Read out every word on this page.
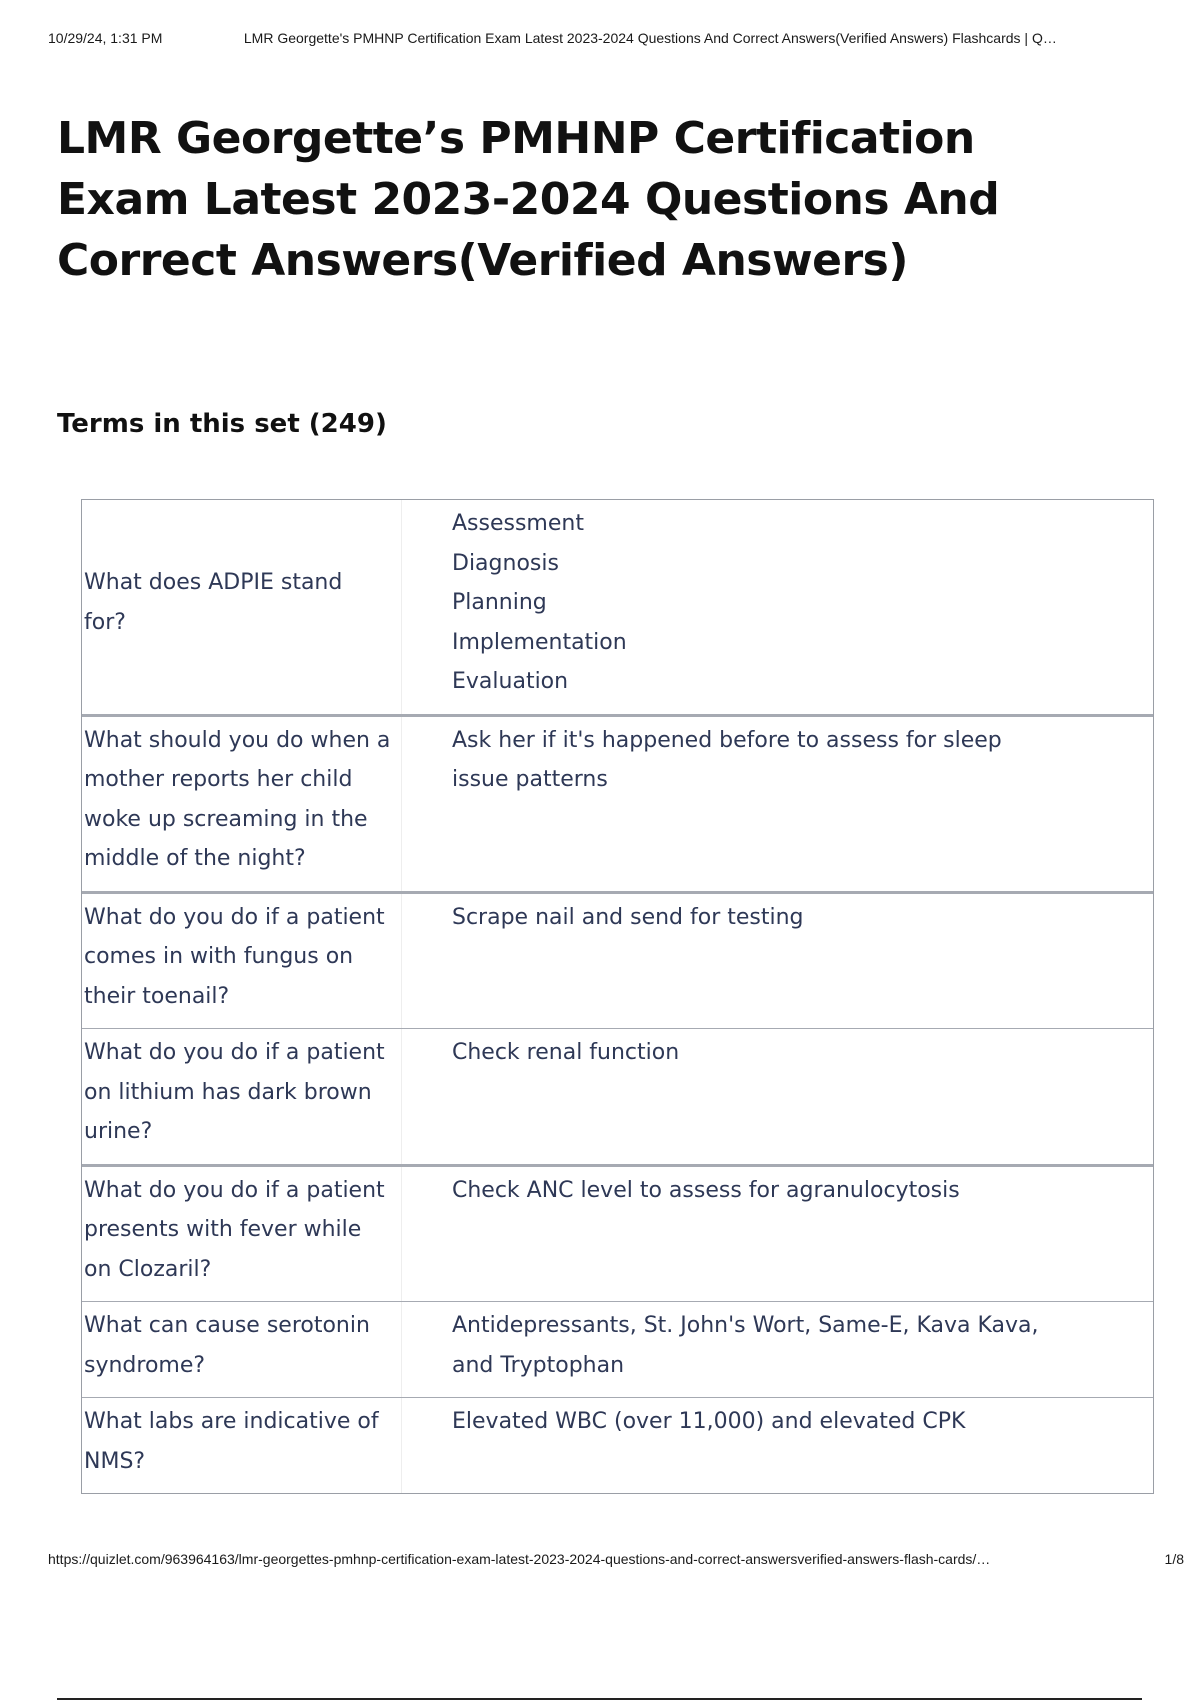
10/29/24, 1:31 PM	LMR Georgette's PMHNP Certification Exam Latest 2023-2024 Questions And Correct Answers(Verified Answers) Flashcards | Q…
LMR Georgette’s PMHNP Certification Exam Latest 2023-2024 Questions And Correct Answers(Verified Answers)
Terms in this set (249)
What does ADPIE stand for?
Assessment
Diagnosis
Planning
Implementation
Evaluation
What should you do when a mother reports her child woke up screaming in the middle of the night?
Ask her if it's happened before to assess for sleep issue patterns
What do you do if a patient comes in with fungus on their toenail?
Scrape nail and send for testing
What do you do if a patient on lithium has dark brown urine?
Check renal function
What do you do if a patient presents with fever while on Clozaril?
Check ANC level to assess for agranulocytosis
What can cause serotonin syndrome?
Antidepressants, St. John's Wort, Same-E, Kava Kava, and Tryptophan
What labs are indicative of NMS?
Elevated WBC (over 11,000) and elevated CPK
https://quizlet.com/963964163/lmr-georgettes-pmhnp-certification-exam-latest-2023-2024-questions-and-correct-answersverified-answers-flash-cards/…	1/8
